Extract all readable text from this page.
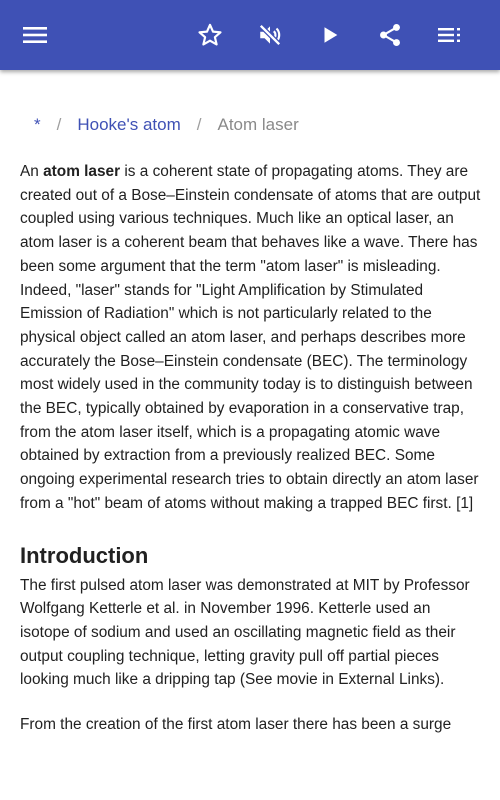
* / Hooke's atom / Atom laser

An atom laser is a coherent state of propagating atoms. They are created out of a Bose–Einstein condensate of atoms that are output coupled using various techniques. Much like an optical laser, an atom laser is a coherent beam that behaves like a wave. There has been some argument that the term "atom laser" is misleading. Indeed, "laser" stands for "Light Amplification by Stimulated Emission of Radiation" which is not particularly related to the physical object called an atom laser, and perhaps describes more accurately the Bose–Einstein condensate (BEC). The terminology most widely used in the community today is to distinguish between the BEC, typically obtained by evaporation in a conservative trap, from the atom laser itself, which is a propagating atomic wave obtained by extraction from a previously realized BEC. Some ongoing experimental research tries to obtain directly an atom laser from a "hot" beam of atoms without making a trapped BEC first. [1]

Introduction

The first pulsed atom laser was demonstrated at MIT by Professor Wolfgang Ketterle et al. in November 1996. Ketterle used an isotope of sodium and used an oscillating magnetic field as their output coupling technique, letting gravity pull off partial pieces looking much like a dripping tap (See movie in External Links).

From the creation of the first atom laser there has been a surge
